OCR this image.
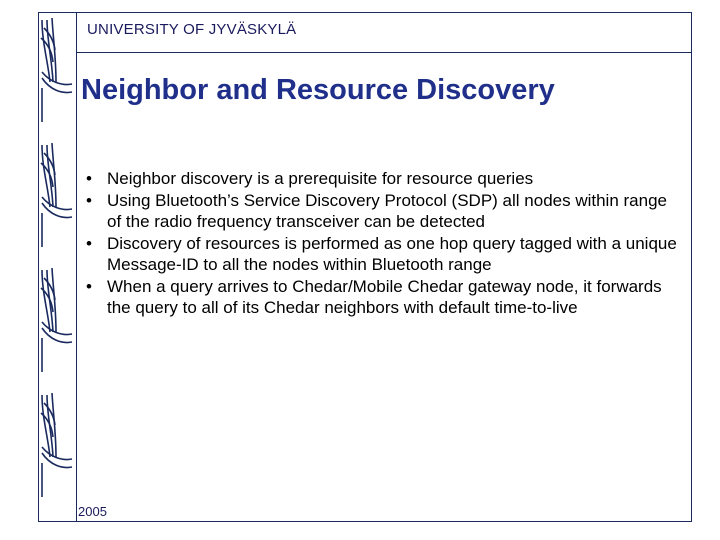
UNIVERSITY OF JYVÄSKYLÄ
Neighbor and Resource Discovery
• Neighbor discovery is a prerequisite for resource queries
• Using Bluetooth’s Service Discovery Protocol (SDP) all nodes within range of the radio frequency transceiver can be detected
• Discovery of resources is performed as one hop query tagged with a unique Message-ID to all the nodes within Bluetooth range
• When a query arrives to Chedar/Mobile Chedar gateway node, it forwards the query to all of its Chedar neighbors with default time-to-live
2005
